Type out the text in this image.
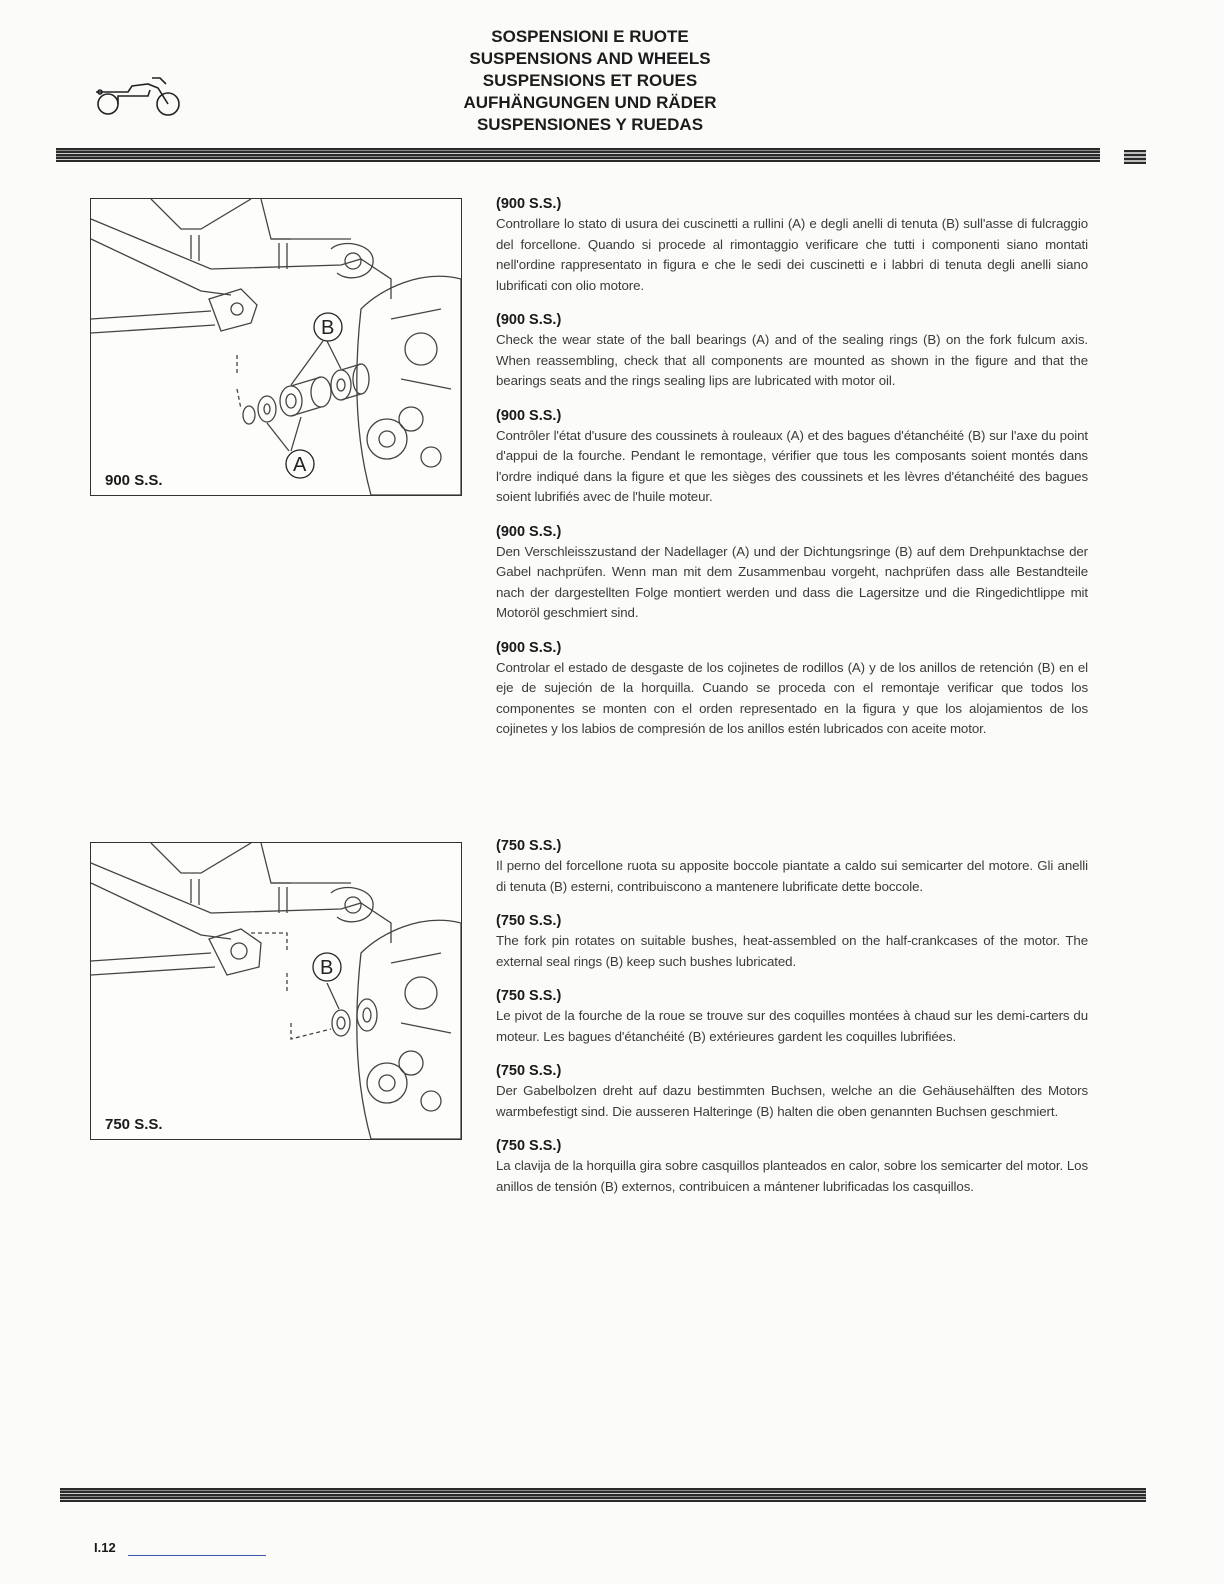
SOSPENSIONI E RUOTE
SUSPENSIONS AND WHEELS
SUSPENSIONS ET ROUES
AUFHÄNGUNGEN UND RÄDER
SUSPENSIONES Y RUEDAS
B
A
900 S.S.
B
750 S.S.

(900 S.S.)

Controllare lo stato di usura dei cuscinetti a rullini (A) e degli anelli di tenuta (B) sull'asse di fulcraggio del forcellone. Quando si procede al rimontaggio verificare che tutti i componenti siano montati nell'ordine rappresentato in figura e che le sedi dei cuscinetti e i labbri di tenuta degli anelli siano lubrificati con olio motore.

(900 S.S.)

Check the wear state of the ball bearings (A) and of the sealing rings (B) on the fork fulcum axis. When reassembling, check that all components are mounted as shown in the figure and that the bearings seats and the rings sealing lips are lubricated with motor oil.

(900 S.S.)

Contrôler l'état d'usure des coussinets à rouleaux (A) et des bagues d'étanchéité (B) sur l'axe du point d'appui de la fourche. Pendant le remontage, vérifier que tous les composants soient montés dans l'ordre indiqué dans la figure et que les sièges des coussinets et les lèvres d'étanchéité des bagues soient lubrifiés avec de l'huile moteur.

(900 S.S.)

Den Verschleisszustand der Nadellager (A) und der Dichtungsringe (B) auf dem Drehpunktachse der Gabel nachprüfen. Wenn man mit dem Zusammenbau vorgeht, nachprüfen dass alle Bestandteile nach der dargestellten Folge montiert werden und dass die Lagersitze und die Ringedichtlippe mit Motoröl geschmiert sind.

(900 S.S.)

Controlar el estado de desgaste de los cojinetes de rodillos (A) y de los anillos de retención (B) en el eje de sujeción de la horquilla. Cuando se proceda con el remontaje verificar que todos los componentes se monten con el orden representado en la figura y que los alojamientos de los cojinetes y los labios de compresión de los anillos estén lubricados con aceite motor.

(750 S.S.)

Il perno del forcellone ruota su apposite boccole piantate a caldo sui semicarter del motore. Gli anelli di tenuta (B) esterni, contribuiscono a mantenere lubrificate dette boccole.

(750 S.S.)

The fork pin rotates on suitable bushes, heat-assembled on the half-crankcases of the motor. The external seal rings (B) keep such bushes lubricated.

(750 S.S.)

Le pivot de la fourche de la roue se trouve sur des coquilles montées à chaud sur les demi-carters du moteur. Les bagues d'étanchéité (B) extérieures gardent les coquilles lubrifiées.

(750 S.S.)

Der Gabelbolzen dreht auf dazu bestimmten Buchsen, welche an die Gehäusehälften des Motors warmbefestigt sind. Die ausseren Halteringe (B) halten die oben genannten Buchsen geschmiert.

(750 S.S.)

La clavija de la horquilla gira sobre casquillos planteados en calor, sobre los semicarter del motor. Los anillos de tensión (B) externos, contribuicen a mántener lubrificadas los casquillos.

I.12
